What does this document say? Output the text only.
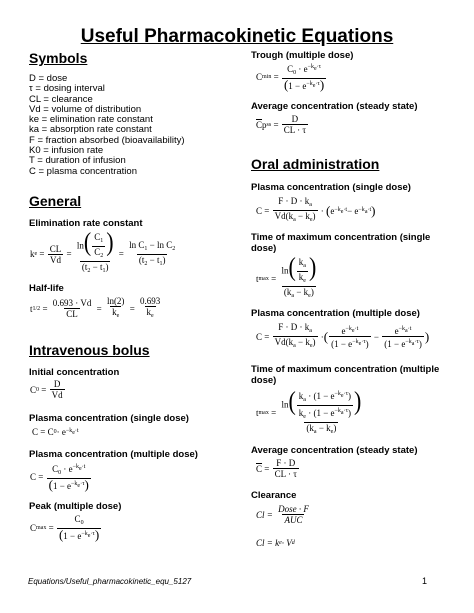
Useful Pharmacokinetic Equations
Symbols
D = dose
τ = dosing interval
CL = clearance
Vd = volume of distribution
ke = elimination rate constant
ka = absorption rate constant
F = fraction absorbed (bioavailability)
K0 = infusion rate
T = duration of infusion
C = plasma concentration
General
Elimination rate constant
k $e = \frac{CL}{Vd} = \frac{\ln( \frac{C_1}{C_2} )}{(t_2 - t_1)} = \frac{\ln C_1 - \ln C_2}{(t_2 - t_1)}$
Half-life
t $1/2 = \frac{0.693 \cdot Vd}{CL} = \frac{\ln(2)}{k_e} = \frac{0.693}{k_e}$
Intravenous bolus
Initial concentration
C $0 = \frac{D}{Vd}$
Plasma concentration (single dose)
C = C $0 \cdot e -k_e\cdot t$
Plasma concentration (multiple dose)
$C = \frac{C_0 \cdot e^{-k_e\cdot t}}{(1 - e^{-k_e\cdot\tau})}$
Peak (multiple dose)
C $\max = \frac{C_0}{(1 - e^{-k_e\cdot\tau})}$
Trough (multiple dose)
C $\min = \frac{C_0 \cdot e^{-k_e\cdot\tau}}{(1 - e^{-k_e\cdot\tau})}$
Average concentration (steady state)
$\overline{C}$ p ss = $\frac{D}{CL \cdot \tau}$
Oral administration
Plasma concentration (single dose)
$C = \frac{F \cdot D \cdot k_a}{Vd(k_a - k_e)}$ · ( $e -k_e\cdot t - e -k_a\cdot t$ )
Time of maximum concentration (single dose)
t $\max = \frac{\ln( \frac{k_a}{k_e} )}{(k_a - k_e)}$
Plasma concentration (multiple dose)
$C = \frac{F \cdot D \cdot k_a}{Vd(k_a - k_e)}$ · ( $\frac{e^{-k_e\cdot t}}{(1 - e^{-k_e\cdot\tau})} - \frac{e^{-k_a\cdot t}}{(1 - e^{-k_a\cdot\tau})}$ )
Time of maximum concentration (multiple dose)
t $\max = \frac{\ln( \frac{k_a \cdot (1 - e^{-k_e\cdot\tau})}{k_e \cdot (1 - e^{-k_a\cdot\tau})} )}{(k_a - k_e)}$
Average concentration (steady state)
$\overline{C} = \frac{F \cdot D}{CL \cdot \tau}$
Clearance
$Cl = \frac{\text{Dose · F}}{\text{AUC}}$
Cl = k e · V d
Equations/Useful_pharmacokinetic_equ_5127	1
